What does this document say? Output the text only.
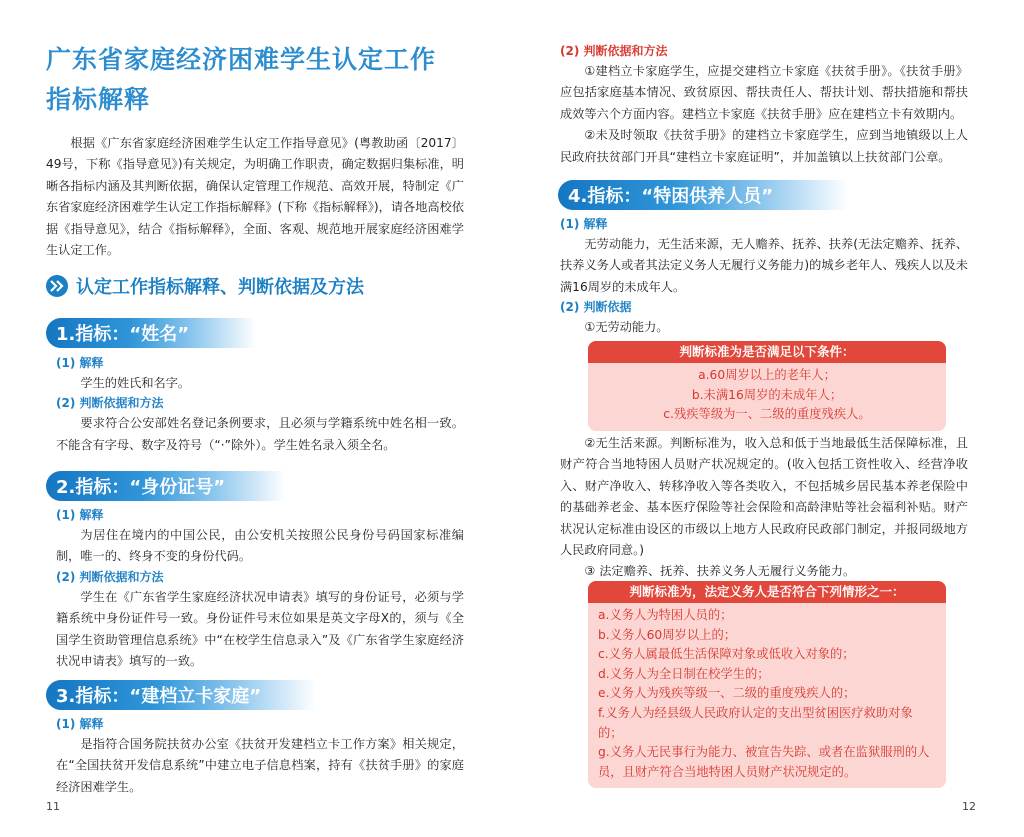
广东省家庭经济困难学生认定工作
指标解释

根据《广东省家庭经济困难学生认定工作指导意见》(粤教助函〔2017〕49号，下称《指导意见》)有关规定，为明确工作职责，确定数据归集标准，明晰各指标内涵及其判断依据，确保认定管理工作规范、高效开展，特制定《广东省家庭经济困难学生认定工作指标解释》(下称《指标解释》)，请各地高校依据《指导意见》，结合《指标解释》，全面、客观、规范地开展家庭经济困难学生认定工作。

认定工作指标解释、判断依据及方法
1.指标：“姓名”

(1) 解释

学生的姓氏和名字。

(2) 判断依据和方法

要求符合公安部姓名登记条例要求，且必须与学籍系统中姓名相一致。不能含有字母、数字及符号（“·”除外）。学生姓名录入须全名。

2.指标：“身份证号”

(1) 解释

为居住在境内的中国公民，由公安机关按照公民身份号码国家标准编制，唯一的、终身不变的身份代码。

(2) 判断依据和方法

学生在《广东省学生家庭经济状况申请表》填写的身份证号，必须与学籍系统中身份证件号一致。身份证件号末位如果是英文字母X的，须与《全国学生资助管理信息系统》中“在校学生信息录入”及《广东省学生家庭经济状况申请表》填写的一致。

3.指标：“建档立卡家庭”

(1) 解释

是指符合国务院扶贫办公室《扶贫开发建档立卡工作方案》相关规定，在“全国扶贫开发信息系统”中建立电子信息档案，持有《扶贫手册》的家庭经济困难学生。

11

(2) 判断依据和方法

①建档立卡家庭学生，应提交建档立卡家庭《扶贫手册》。《扶贫手册》应包括家庭基本情况、致贫原因、帮扶责任人、帮扶计划、帮扶措施和帮扶成效等六个方面内容。建档立卡家庭《扶贫手册》应在建档立卡有效期内。

②未及时领取《扶贫手册》的建档立卡家庭学生，应到当地镇级以上人民政府扶贫部门开具“建档立卡家庭证明”，并加盖镇以上扶贫部门公章。

4.指标：“特困供养人员”

(1) 解释

无劳动能力，无生活来源，无人赡养、抚养、扶养(无法定赡养、抚养、扶养义务人或者其法定义务人无履行义务能力)的城乡老年人、残疾人以及未满16周岁的未成年人。

(2) 判断依据

①无劳动能力。

判断标准为是否满足以下条件：
a.60周岁以上的老年人；
b.未满16周岁的未成年人；
c.残疾等级为一、二级的重度残疾人。

②无生活来源。判断标准为，收入总和低于当地最低生活保障标准，且财产符合当地特困人员财产状况规定的。(收入包括工资性收入、经营净收入、财产净收入、转移净收入等各类收入，不包括城乡居民基本养老保险中的基础养老金、基本医疗保险等社会保险和高龄津贴等社会福利补贴。财产状况认定标准由设区的市级以上地方人民政府民政部门制定，并报同级地方人民政府同意。)

③ 法定赡养、抚养、扶养义务人无履行义务能力。

判断标准为，法定义务人是否符合下列情形之一：
a.义务人为特困人员的；
b.义务人60周岁以上的；
c.义务人属最低生活保障对象或低收入对象的；
d.义务人为全日制在校学生的；
e.义务人为残疾等级一、二级的重度残疾人的；
f.义务人为经县级人民政府认定的支出型贫困医疗救助对象的；
g.义务人无民事行为能力、被宣告失踪、或者在监狱服刑的人员，且财产符合当地特困人员财产状况规定的。
12
